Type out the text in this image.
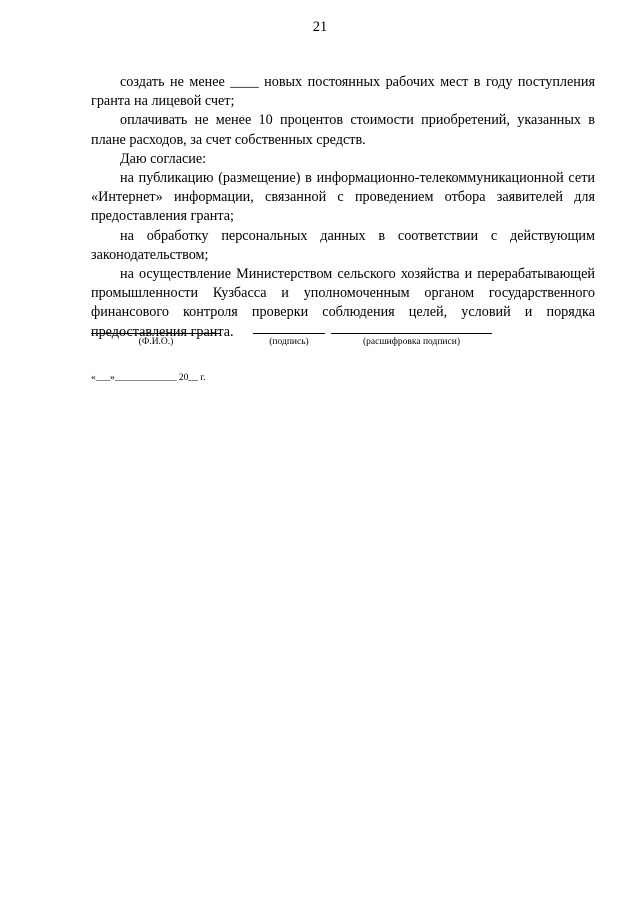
21

создать не менее ____ новых постоянных рабочих мест в году поступления гранта на лицевой счет;

оплачивать не менее 10 процентов стоимости приобретений, указанных в плане расходов, за счет собственных средств.

Даю согласие:

на публикацию (размещение) в информационно-телекоммуникационной сети «Интернет» информации, связанной с проведением отбора заявителей для предоставления гранта;

на обработку персональных данных в соответствии с действующим законодательством;

на осуществление Министерством сельского хозяйства и перерабатывающей промышленности Кузбасса и уполномоченным органом государственного финансового контроля проверки соблюдения целей, условий и порядка предоставления гранта.

(Ф.И.О.)	(подпись)	(расшифровка подписи)
«___»_____________ 20__ г.
